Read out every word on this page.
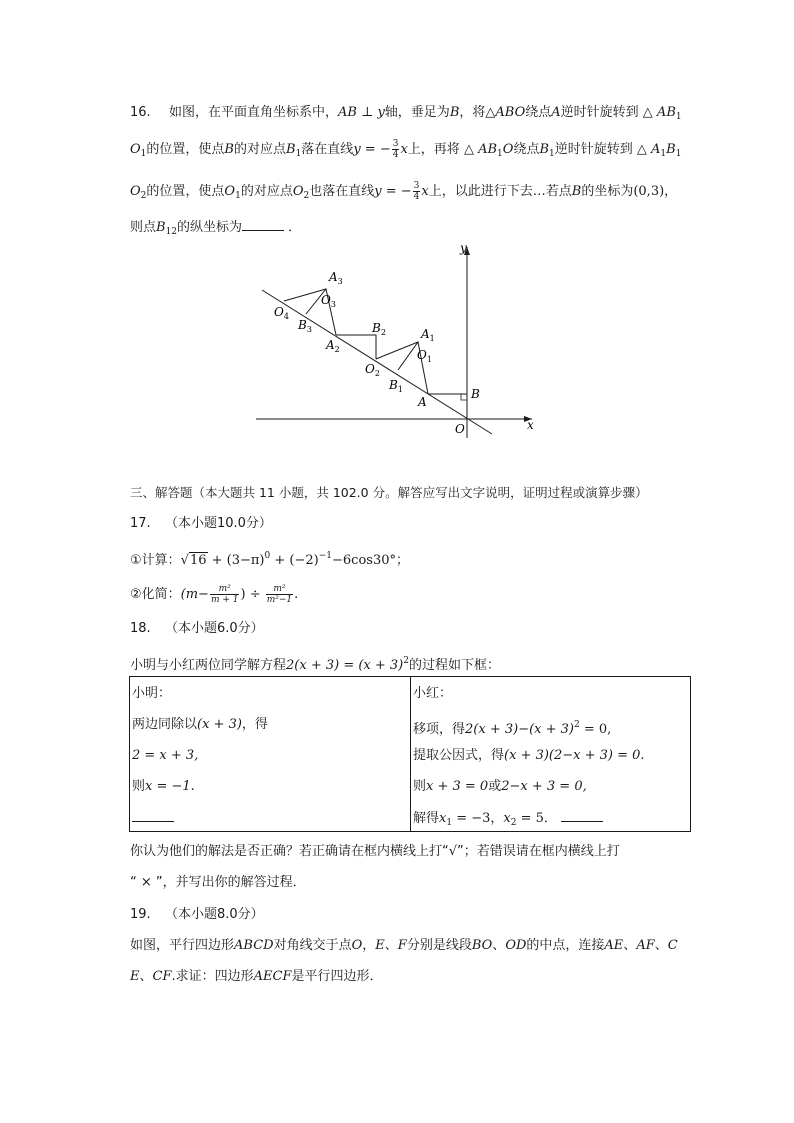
16. 如图，在平面直角坐标系中，AB ⊥ y轴，垂足为B，将△ABO绕点A逆时针旋转到 △ $AB_1$
$O_1$的位置，使点B的对应点$B_1$落在直线y = − $\frac{3}{4}$ x上，再将 △ $AB_1O$绕点$B_1$逆时针旋转到 △ $A_1B_1$
$O_2$的位置，使点$O_1$的对应点$O_2$也落在直线y = − $\frac{3}{4}$ x上，以此进行下去…若点B的坐标为(0,3)，
则点$B_{12}$的纵坐标为	．
y
x
O
$A_3$
$O_3$
$O_4$
$B_3$	$B_2$
$A_2$
$A_1$
$O_1$
$O_2$
$B_1$
A
B
三、解答题（本大题共 11 小题，共 102.0 分。解答应写出文字说明，证明过程或演算步骤）
17. （本小题10.0分）
①计算：$√16 + (3-\pi)^0 + (-2)^{-1}-6\cos 30^\circ$；
②化简：($m- \frac{\text{m²}}{m + 1}$ ) ÷ $\frac{\text{m²}}{\text{m²−1}}$ .
18. （本小题6.0分）
小明与小红两位同学解方程$2(x + 3) = (x + 3)^2$的过程如下框：
小明：
两边同除以(x + 3)，得
2 = x + 3,
则x = −1.

小红：
移项，得$2(x + 3)-(x + 3)^2 = 0$,
提取公因式，得(x + 3)(2−x + 3) = 0.
则x + 3 = 0或2−x + 3 = 0,
解得$x_1 = -3$，$x_2 = 5$．
你认为他们的解法是否正确？若正确请在框内横线上打“√”；若错误请在框内横线上打
“ × ”，并写出你的解答过程．
19. （本小题8.0分）
如图，平行四边形ABCD对角线交于点O，E、F分别是线段BO、OD的中点，连接AE、AF、C
E、CF.求证：四边形AECF是平行四边形．
